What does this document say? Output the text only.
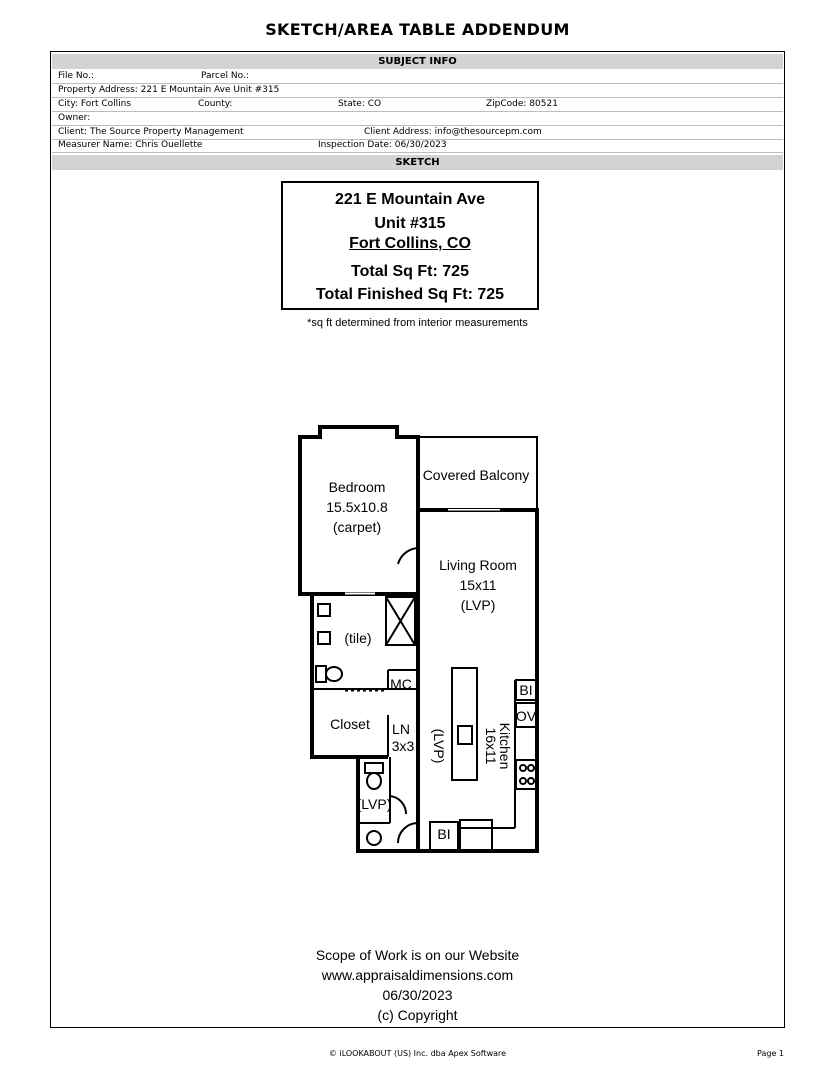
SKETCH/AREA TABLE ADDENDUM
SUBJECT INFO
File No.:	Parcel No.:
Property Address: 221 E Mountain Ave Unit #315
City: Fort Collins	County:	State: CO	ZipCode: 80521
Owner:
Client: The Source Property Management	Client Address: info@thesourcepm.com
Measurer Name: Chris Ouellette	Inspection Date: 06/30/2023
SKETCH
221 E Mountain Ave
Unit #315
Fort Collins, CO
Total Sq Ft: 725
Total Finished Sq Ft: 725
*sq ft determined from interior measurements
Scope of Work is on our Website
www.appraisaldimensions.com
06/30/2023
(c) Copyright
Bedroom
15.5x10.8
(carpet)
Covered Balcony
Living Room
15x11
(LVP)
(tile)
MC
Closet LN
3x3
BI
OV
(LVP)
BI
(LVP)	Kitchen
16x11
© iLOOKABOUT (US) Inc. dba Apex Software	Page 1
